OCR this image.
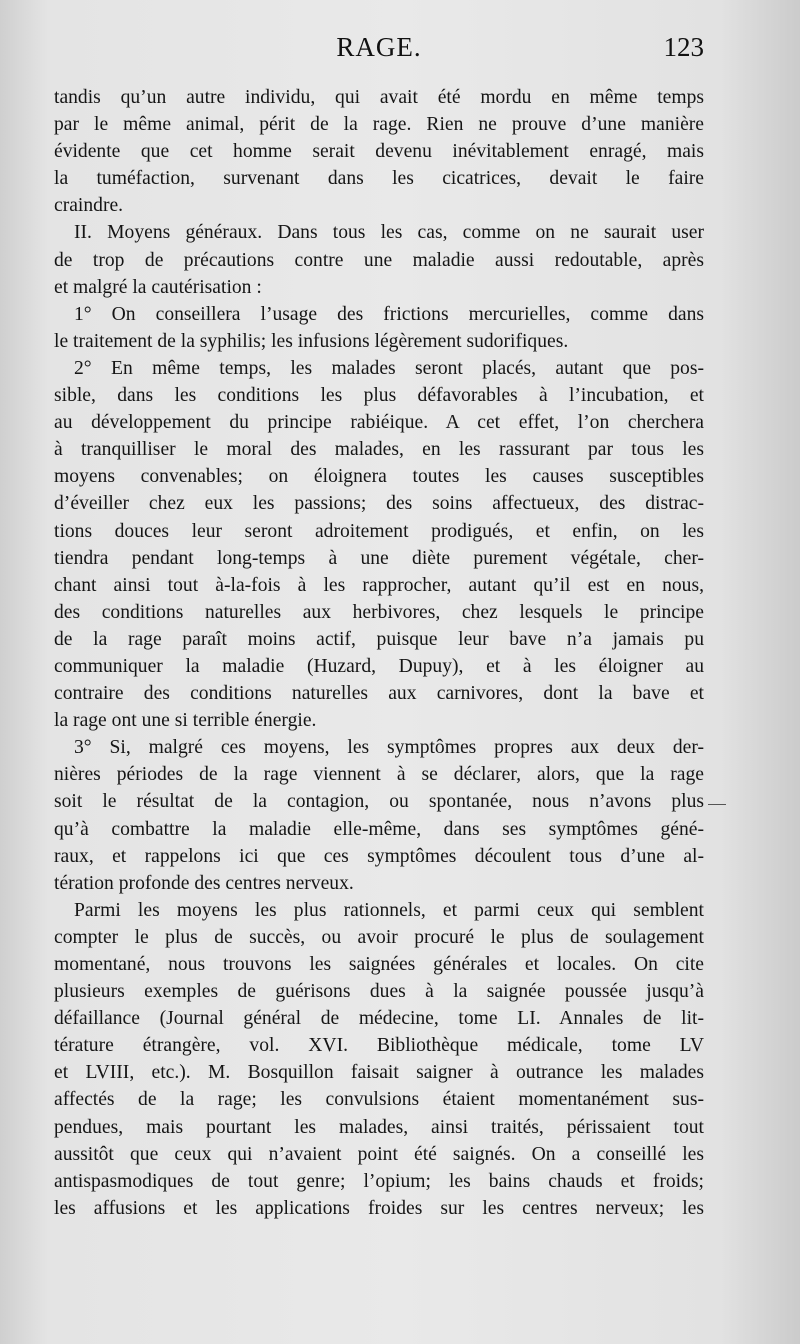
RAGE.	123
tandis qu’un autre individu, qui avait été mordu en même temps
par le même animal, périt de la rage. Rien ne prouve d’une manière
évidente que cet homme serait devenu inévitablement enragé, mais
la tuméfaction, survenant dans les cicatrices, devait le faire
craindre.
II. Moyens généraux. Dans tous les cas, comme on ne saurait user
de trop de précautions contre une maladie aussi redoutable, après
et malgré la cautérisation :
1° On conseillera l’usage des frictions mercurielles, comme dans
le traitement de la syphilis; les infusions légèrement sudorifiques.
2° En même temps, les malades seront placés, autant que pos-
sible, dans les conditions les plus défavorables à l’incubation, et
au développement du principe rabiéique. A cet effet, l’on cherchera
à tranquilliser le moral des malades, en les rassurant par tous les
moyens convenables; on éloignera toutes les causes susceptibles
d’éveiller chez eux les passions; des soins affectueux, des distrac-
tions douces leur seront adroitement prodigués, et enfin, on les
tiendra pendant long-temps à une diète purement végétale, cher-
chant ainsi tout à-la-fois à les rapprocher, autant qu’il est en nous,
des conditions naturelles aux herbivores, chez lesquels le principe
de la rage paraît moins actif, puisque leur bave n’a jamais pu
communiquer la maladie (Huzard, Dupuy), et à les éloigner au
contraire des conditions naturelles aux carnivores, dont la bave et
la rage ont une si terrible énergie.
3° Si, malgré ces moyens, les symptômes propres aux deux der-
nières périodes de la rage viennent à se déclarer, alors, que la rage
soit le résultat de la contagion, ou spontanée, nous n’avons plus
qu’à combattre la maladie elle-même, dans ses symptômes géné-
raux, et rappelons ici que ces symptômes découlent tous d’une al-
tération profonde des centres nerveux.
Parmi les moyens les plus rationnels, et parmi ceux qui semblent
compter le plus de succès, ou avoir procuré le plus de soulagement
momentané, nous trouvons les saignées générales et locales. On cite
plusieurs exemples de guérisons dues à la saignée poussée jusqu’à
défaillance (Journal général de médecine, tome LI. Annales de lit-
térature étrangère, vol. XVI. Bibliothèque médicale, tome LV
et LVIII, etc.). M. Bosquillon faisait saigner à outrance les malades
affectés de la rage; les convulsions étaient momentanément sus-
pendues, mais pourtant les malades, ainsi traités, périssaient tout
aussitôt que ceux qui n’avaient point été saignés. On a conseillé les
antispasmodiques de tout genre; l’opium; les bains chauds et froids;
les affusions et les applications froides sur les centres nerveux; les
